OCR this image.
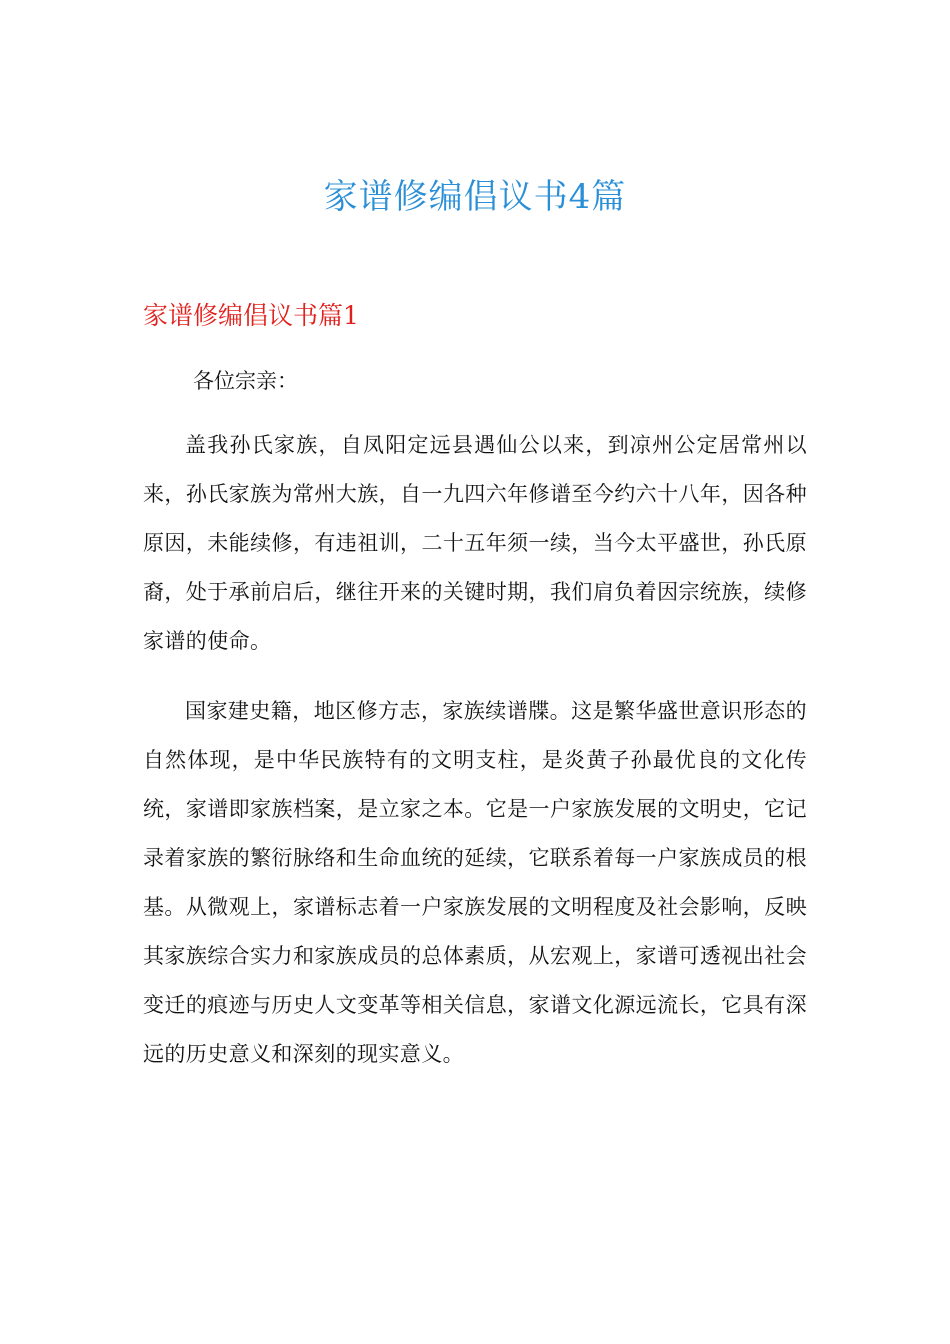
家谱修编倡议书4篇
家谱修编倡议书篇1

各位宗亲：

盖我孙氏家族，自凤阳定远县遇仙公以来，到凉州公定居常州以来，孙氏家族为常州大族，自一九四六年修谱至今约六十八年，因各种原因，未能续修，有违祖训，二十五年须一续，当今太平盛世，孙氏原裔，处于承前启后，继往开来的关键时期，我们肩负着因宗统族，续修家谱的使命。

国家建史籍，地区修方志，家族续谱牒。这是繁华盛世意识形态的自然体现，是中华民族特有的文明支柱，是炎黄子孙最优良的文化传统，家谱即家族档案，是立家之本。它是一户家族发展的文明史，它记录着家族的繁衍脉络和生命血统的延续，它联系着每一户家族成员的根基。从微观上，家谱标志着一户家族发展的文明程度及社会影响，反映其家族综合实力和家族成员的总体素质，从宏观上，家谱可透视出社会变迁的痕迹与历史人文变革等相关信息，家谱文化源远流长，它具有深远的历史意义和深刻的现实意义。
